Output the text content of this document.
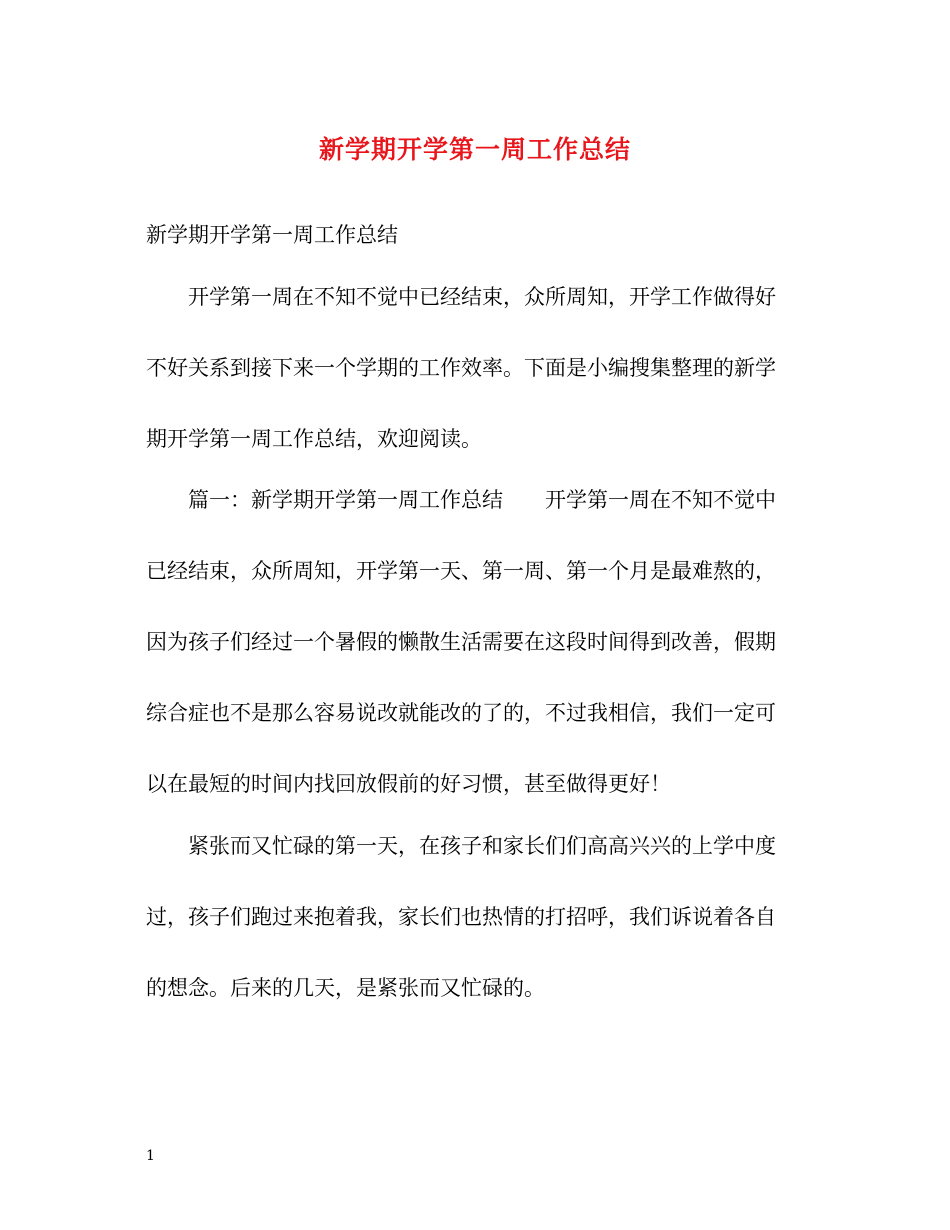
新学期开学第一周工作总结
新学期开学第一周工作总结
　　开学第一周在不知不觉中已经结束，众所周知，开学工作做得好
不好关系到接下来一个学期的工作效率。下面是小编搜集整理的新学
期开学第一周工作总结，欢迎阅读。
　　篇一：新学期开学第一周工作总结　　开学第一周在不知不觉中
已经结束，众所周知，开学第一天、第一周、第一个月是最难熬的，
因为孩子们经过一个暑假的懒散生活需要在这段时间得到改善，假期
综合症也不是那么容易说改就能改的了的，不过我相信，我们一定可
以在最短的时间内找回放假前的好习惯，甚至做得更好！
　　紧张而又忙碌的第一天，在孩子和家长们们高高兴兴的上学中度
过，孩子们跑过来抱着我，家长们也热情的打招呼，我们诉说着各自
的想念。后来的几天，是紧张而又忙碌的。
1
